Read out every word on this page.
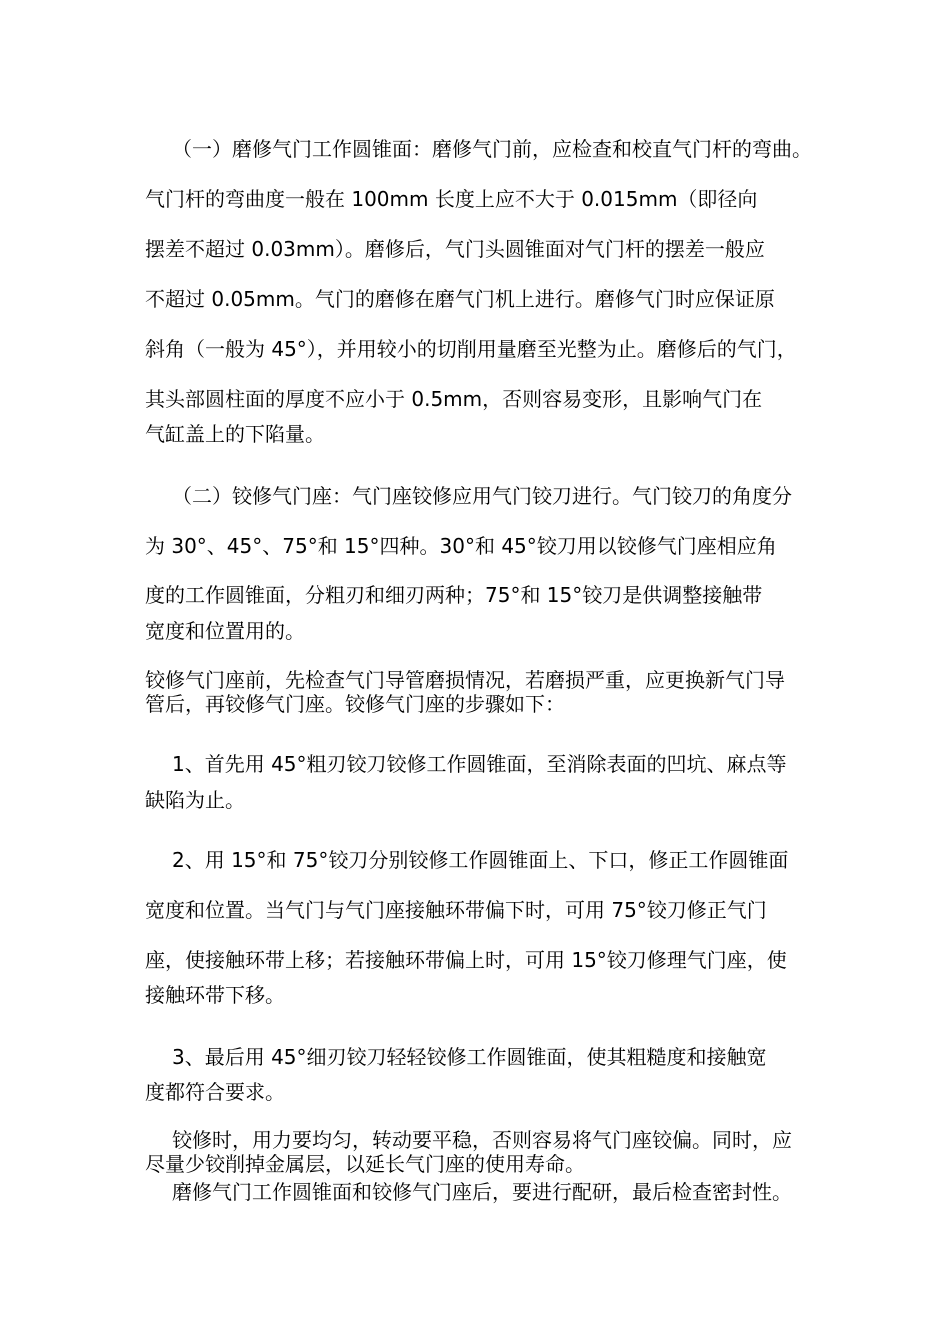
（一）磨修气门工作圆锥面：磨修气门前，应检查和校直气门杆的弯曲。
气门杆的弯曲度一般在 100mm 长度上应不大于 0.015mm（即径向
摆差不超过 0.03mm）。磨修后，气门头圆锥面对气门杆的摆差一般应
不超过 0.05mm。气门的磨修在磨气门机上进行。磨修气门时应保证原
斜角（一般为 45°），并用较小的切削用量磨至光整为止。磨修后的气门，
其头部圆柱面的厚度不应小于 0.5mm，否则容易变形，且影响气门在
气缸盖上的下陷量。
（二）铰修气门座：气门座铰修应用气门铰刀进行。气门铰刀的角度分
为 30°、45°、75°和 15°四种。30°和 45°铰刀用以铰修气门座相应角
度的工作圆锥面，分粗刃和细刃两种；75°和 15°铰刀是供调整接触带
宽度和位置用的。
铰修气门座前，先检查气门导管磨损情况，若磨损严重，应更换新气门导
管后，再铰修气门座。铰修气门座的步骤如下：
1、首先用 45°粗刃铰刀铰修工作圆锥面，至消除表面的凹坑、麻点等
缺陷为止。
2、用 15°和 75°铰刀分别铰修工作圆锥面上、下口，修正工作圆锥面
宽度和位置。当气门与气门座接触环带偏下时，可用 75°铰刀修正气门
座，使接触环带上移；若接触环带偏上时，可用 15°铰刀修理气门座，使
接触环带下移。
3、最后用 45°细刃铰刀轻轻铰修工作圆锥面，使其粗糙度和接触宽
度都符合要求。
铰修时，用力要均匀，转动要平稳，否则容易将气门座铰偏。同时，应
尽量少铰削掉金属层，以延长气门座的使用寿命。
磨修气门工作圆锥面和铰修气门座后，要进行配研，最后检查密封性。
